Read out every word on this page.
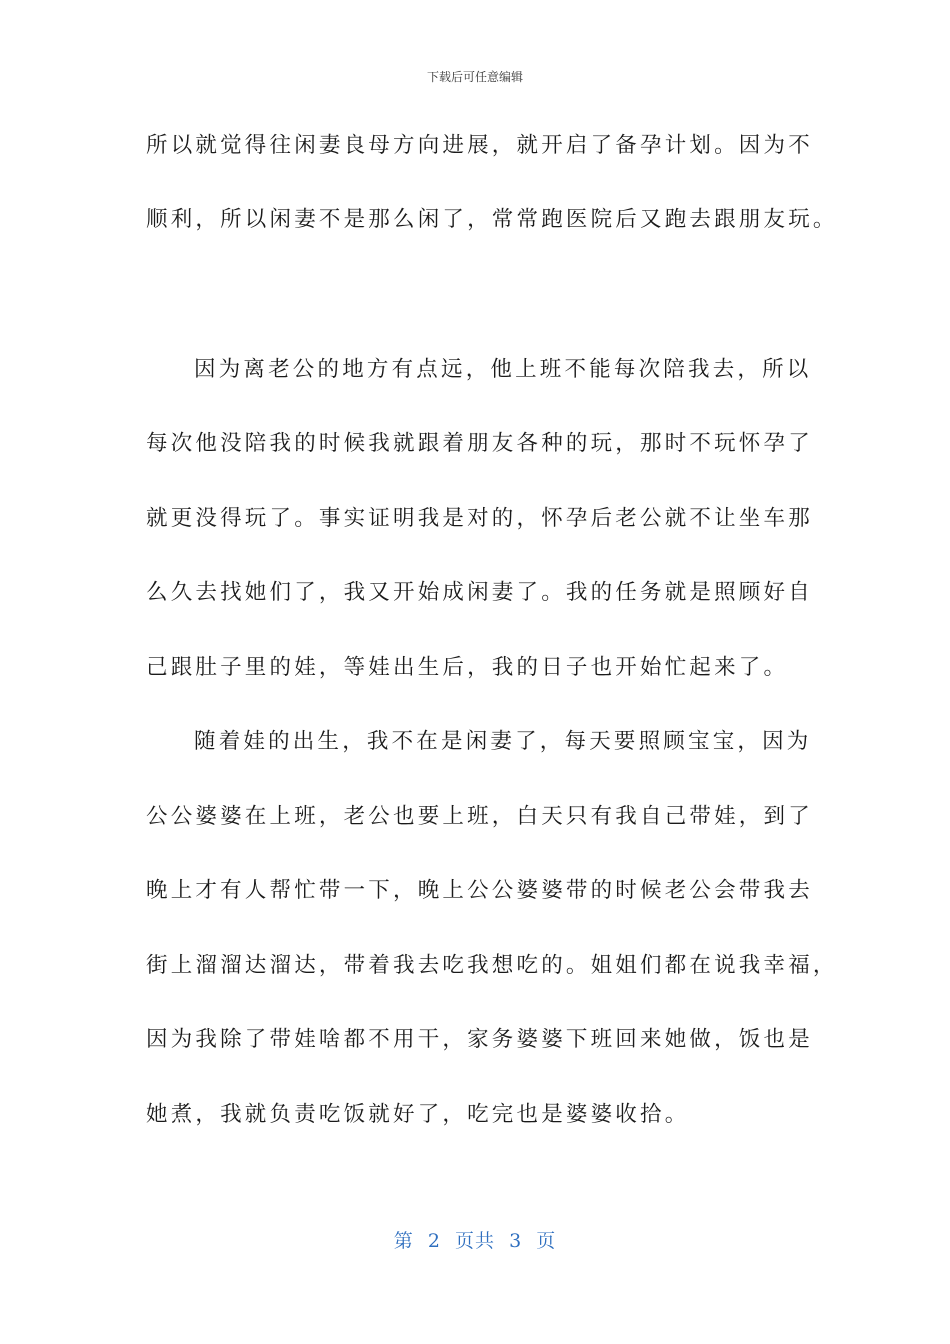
下载后可任意编辑
所以就觉得往闲妻良母方向进展，就开启了备孕计划。因为不
顺利，所以闲妻不是那么闲了，常常跑医院后又跑去跟朋友玩。
因为离老公的地方有点远，他上班不能每次陪我去，所以
每次他没陪我的时候我就跟着朋友各种的玩，那时不玩怀孕了
就更没得玩了。事实证明我是对的，怀孕后老公就不让坐车那
么久去找她们了，我又开始成闲妻了。我的任务就是照顾好自
己跟肚子里的娃，等娃出生后，我的日子也开始忙起来了。
随着娃的出生，我不在是闲妻了，每天要照顾宝宝，因为
公公婆婆在上班，老公也要上班，白天只有我自己带娃，到了
晚上才有人帮忙带一下，晚上公公婆婆带的时候老公会带我去
街上溜溜达溜达，带着我去吃我想吃的。姐姐们都在说我幸福，
因为我除了带娃啥都不用干，家务婆婆下班回来她做，饭也是
她煮，我就负责吃饭就好了，吃完也是婆婆收拾。
第  2  页共  3  页
